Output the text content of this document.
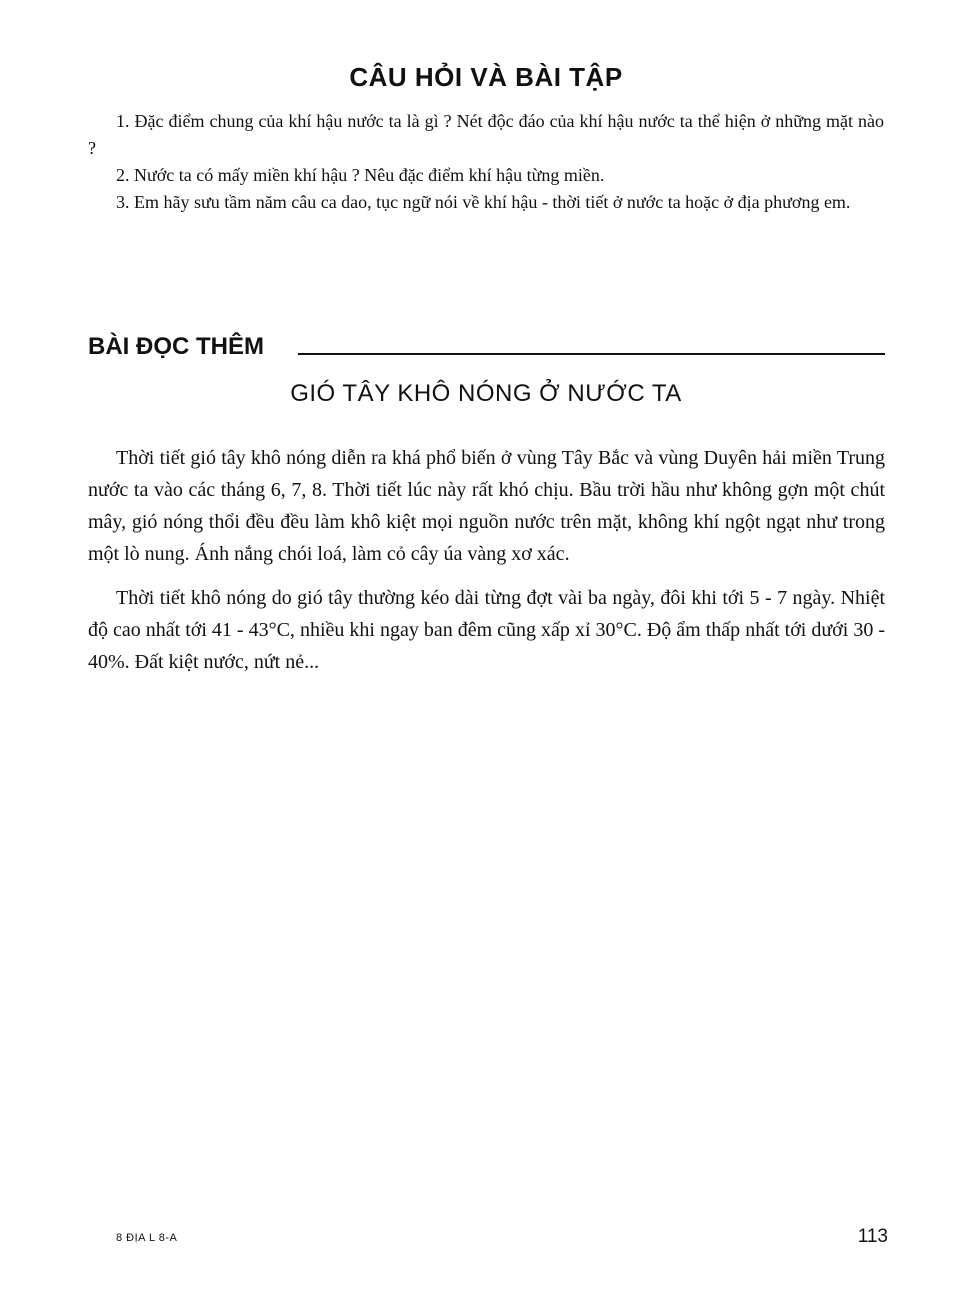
CÂU HỎI VÀ BÀI TẬP

1. Đặc điểm chung của khí hậu nước ta là gì ? Nét độc đáo của khí hậu nước ta thể hiện ở những mặt nào ?

2. Nước ta có mấy miền khí hậu ? Nêu đặc điểm khí hậu từng miền.

3. Em hãy sưu tầm năm câu ca dao, tục ngữ nói về khí hậu - thời tiết ở nước ta hoặc ở địa phương em.

BÀI ĐỌC THÊM
GIÓ TÂY KHÔ NÓNG Ở NƯỚC TA

Thời tiết gió tây khô nóng diễn ra khá phổ biến ở vùng Tây Bắc và vùng Duyên hải miền Trung nước ta vào các tháng 6, 7, 8. Thời tiết lúc này rất khó chịu. Bầu trời hầu như không gợn một chút mây, gió nóng thổi đều đều làm khô kiệt mọi nguồn nước trên mặt, không khí ngột ngạt như trong một lò nung. Ánh nắng chói loá, làm cỏ cây úa vàng xơ xác.

Thời tiết khô nóng do gió tây thường kéo dài từng đợt vài ba ngày, đôi khi tới 5 - 7 ngày. Nhiệt độ cao nhất tới 41 - 43°C, nhiều khi ngay ban đêm cũng xấp xỉ 30°C. Độ ẩm thấp nhất tới dưới 30 - 40%. Đất kiệt nước, nứt nẻ...

8 ĐỊA L 8-A	113
